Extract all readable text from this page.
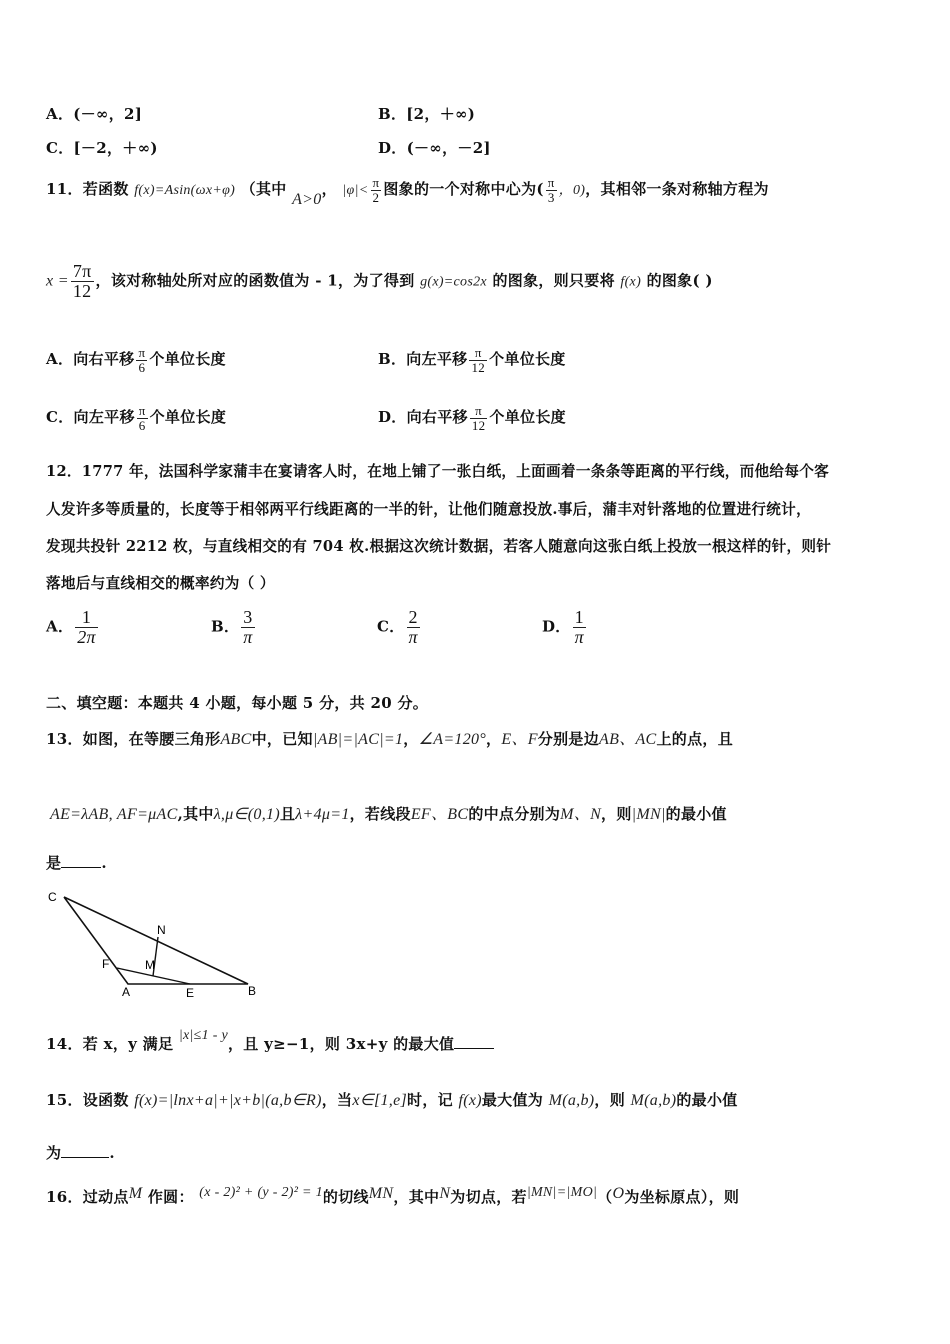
A．(－∞，2]	B．[2，＋∞)
C．[－2，＋∞)	D．(－∞，－2]
11．若函数 f(x)=Asin(ωx+φ) （其中 A>0， $|\varphi|< \frac{\pi}{2}$ 图象的一个对称中心为( $\frac{\pi}{3}$ ，0)，其相邻一条对称轴方程为
$x = \frac{7\pi}{12}$ ，该对称轴处所对应的函数值为 - 1，为了得到 g(x)=cos2x 的图象，则只要将 f(x) 的图象( )
A．向右平移 $\frac{\pi}{6}$ 个单位长度	B．向左平移 $\frac{\pi}{12}$ 个单位长度
C．向左平移 $\frac{\pi}{6}$ 个单位长度	D．向右平移 $\frac{\pi}{12}$ 个单位长度
12．1777 年，法国科学家蒲丰在宴请客人时，在地上铺了一张白纸，上面画着一条条等距离的平行线，而他给每个客
人发许多等质量的，长度等于相邻两平行线距离的一半的针，让他们随意投放.事后，蒲丰对针落地的位置进行统计，
发现共投针 2212 枚，与直线相交的有 704 枚.根据这次统计数据，若客人随意向这张白纸上投放一根这样的针，则针
落地后与直线相交的概率约为（ ）
A． $\frac{1}{2\pi}$	B． $\frac{3}{\pi}$	C． $\frac{2}{\pi}$	D． $\frac{1}{\pi}$
二、填空题：本题共 4 小题，每小题 5 分，共 20 分。
13．如图，在等腰三角形ABC中，已知|AB|=|AC|=1，∠A=120°，E、F分别是边AB、AC上的点，且
AE=λAB, AF=μAC,其中λ,μ∈(0,1)且λ+4μ=1，若线段EF、BC的中点分别为M、N，则|MN|的最小值
是	.
C
N
F	M
A	E	B
14．若 x，y 满足 |x|≤1 - y，且 y≥−1，则 3x+y 的最大值
15．设函数 f(x)=|lnx+a|+|x+b|(a,b∈R)，当x∈[1,e]时，记 f(x)最大值为 M(a,b)，则 M(a,b)的最小值
为	.
16．过动点M 作圆： (x - 2)² + (y - 2)² = 1的切线MN，其中N为切点，若|MN|=|MO|（O为坐标原点），则
